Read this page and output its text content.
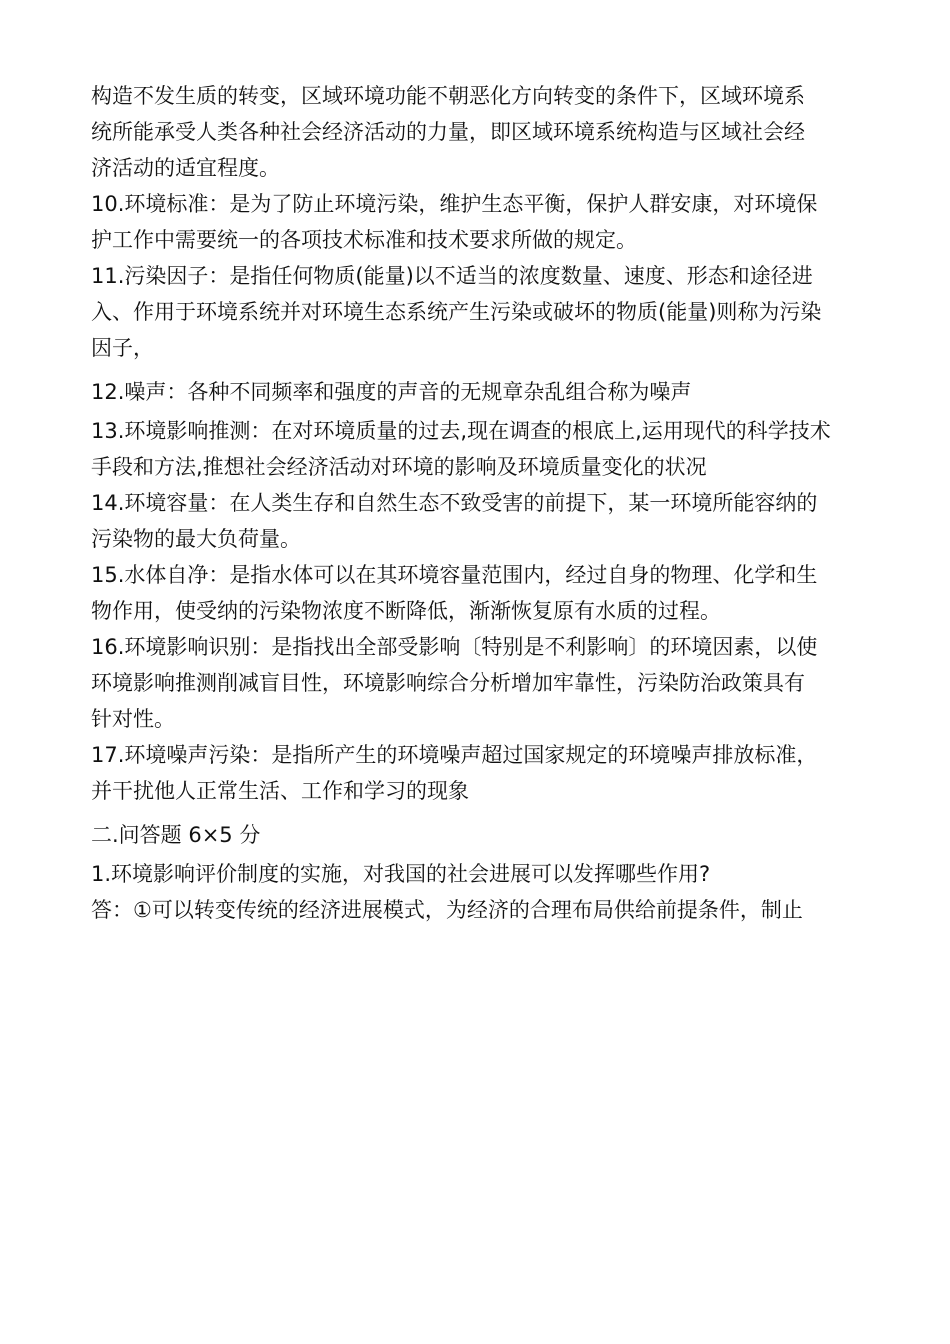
构造不发生质的转变，区域环境功能不朝恶化方向转变的条件下，区域环境系
统所能承受人类各种社会经济活动的力量，即区域环境系统构造与区域社会经
济活动的适宜程度。

10.环境标准：是为了防止环境污染，维护生态平衡，保护人群安康，对环境保
护工作中需要统一的各项技术标准和技术要求所做的规定。

11.污染因子：是指任何物质(能量)以不适当的浓度数量、速度、形态和途径进
入、作用于环境系统并对环境生态系统产生污染或破坏的物质(能量)则称为污染
因子，

12.噪声：各种不同频率和强度的声音的无规章杂乱组合称为噪声

13.环境影响推测：在对环境质量的过去,现在调查的根底上,运用现代的科学技术
手段和方法,推想社会经济活动对环境的影响及环境质量变化的状况

14.环境容量：在人类生存和自然生态不致受害的前提下，某一环境所能容纳的
污染物的最大负荷量。

15.水体自净：是指水体可以在其环境容量范围内，经过自身的物理、化学和生
物作用，使受纳的污染物浓度不断降低，渐渐恢复原有水质的过程。

16.环境影响识别：是指找出全部受影响〔特别是不利影响〕的环境因素，以使
环境影响推测削减盲目性，环境影响综合分析增加牢靠性，污染防治政策具有
针对性。

17.环境噪声污染：是指所产生的环境噪声超过国家规定的环境噪声排放标准，
并干扰他人正常生活、工作和学习的现象

二.问答题 6×5 分

1.环境影响评价制度的实施，对我国的社会进展可以发挥哪些作用?

答：①可以转变传统的经济进展模式，为经济的合理布局供给前提条件，制止
